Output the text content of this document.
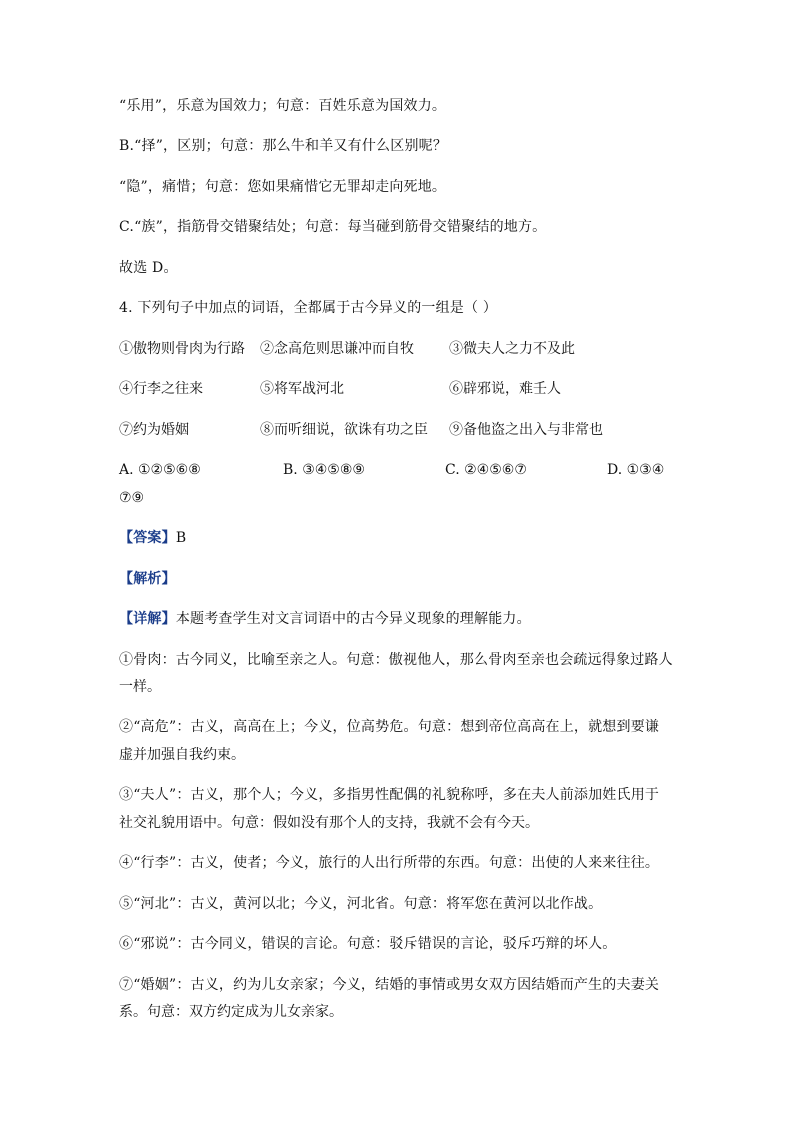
“乐用”，乐意为国效力；句意：百姓乐意为国效力。
B.“择”，区别；句意：那么牛和羊又有什么区别呢？
“隐”，痛惜；句意：您如果痛惜它无罪却走向死地。
C.“族”，指筋骨交错聚结处；句意：每当碰到筋骨交错聚结的地方。
故选 D。
4. 下列句子中加点的词语，全都属于古今异义的一组是（ ）
①傲物则骨肉为行路 ②念高危则思谦冲而自牧	③微夫人之力不及此
④行李之往来	⑤将军战河北	⑥辟邪说，难壬人
⑦约为婚姻	⑧而听细说，欲诛有功之臣 ⑨备他盗之出入与非常也
A. ①②⑤⑥⑧	B. ③④⑤⑧⑨	C. ②④⑤⑥⑦	D. ①③④
⑦⑨
【答案】B
【解析】
【详解】本题考查学生对文言词语中的古今异义现象的理解能力。
①骨肉：古今同义，比喻至亲之人。句意：傲视他人，那么骨肉至亲也会疏远得象过路人
一样。
②“高危”：古义，高高在上；今义，位高势危。句意：想到帝位高高在上，就想到要谦
虚并加强自我约束。
③“夫人”：古义，那个人；今义，多指男性配偶的礼貌称呼，多在夫人前添加姓氏用于
社交礼貌用语中。句意：假如没有那个人的支持，我就不会有今天。
④“行李”：古义，使者；今义，旅行的人出行所带的东西。句意：出使的人来来往往。
⑤“河北”：古义，黄河以北；今义，河北省。句意：将军您在黄河以北作战。
⑥“邪说”：古今同义，错误的言论。句意：驳斥错误的言论，驳斥巧辩的坏人。
⑦“婚姻”：古义，约为儿女亲家；今义，结婚的事情或男女双方因结婚而产生的夫妻关
系。句意：双方约定成为儿女亲家。
